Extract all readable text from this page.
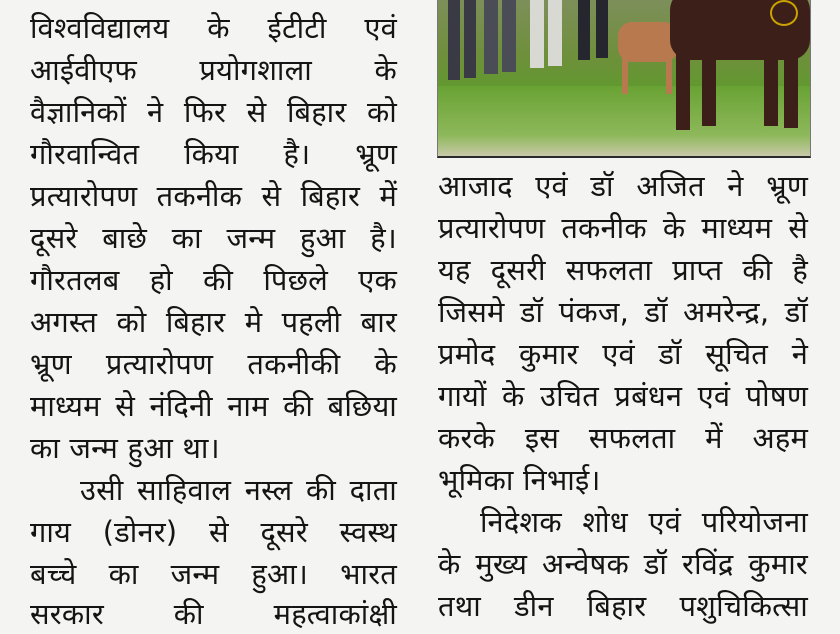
विश्वविद्यालय के ईटीटी एवं
आईवीएफ प्रयोगशाला के
वैज्ञानिकों ने फिर से बिहार को
गौरवान्वित किया है। भ्रूण
प्रत्यारोपण तकनीक से बिहार में
दूसरे बाछे का जन्म हुआ है।
गौरतलब हो की पिछले एक
अगस्त को बिहार मे पहली बार
भ्रूण प्रत्यारोपण तकनीकी के
माध्यम से नंदिनी नाम की बछिया
का जन्म हुआ था।
उसी साहिवाल नस्ल की दाता
गाय (डोनर) से दूसरे स्वस्थ
बच्चे का जन्म हुआ। भारत
सरकार की महत्वाकांक्षी
आजाद एवं डॉ अजित ने भ्रूण
प्रत्यारोपण तकनीक के माध्यम से
यह दूसरी सफलता प्राप्त की है
जिसमे डॉ पंकज, डॉ अमरेन्द्र, डॉ
प्रमोद कुमार एवं डॉ सूचित ने
गायों के उचित प्रबंधन एवं पोषण
करके इस सफलता में अहम
भूमिका निभाई।
निदेशक शोध एवं परियोजना
के मुख्य अन्वेषक डॉ रविंद्र कुमार
तथा डीन बिहार पशुचिकित्सा
